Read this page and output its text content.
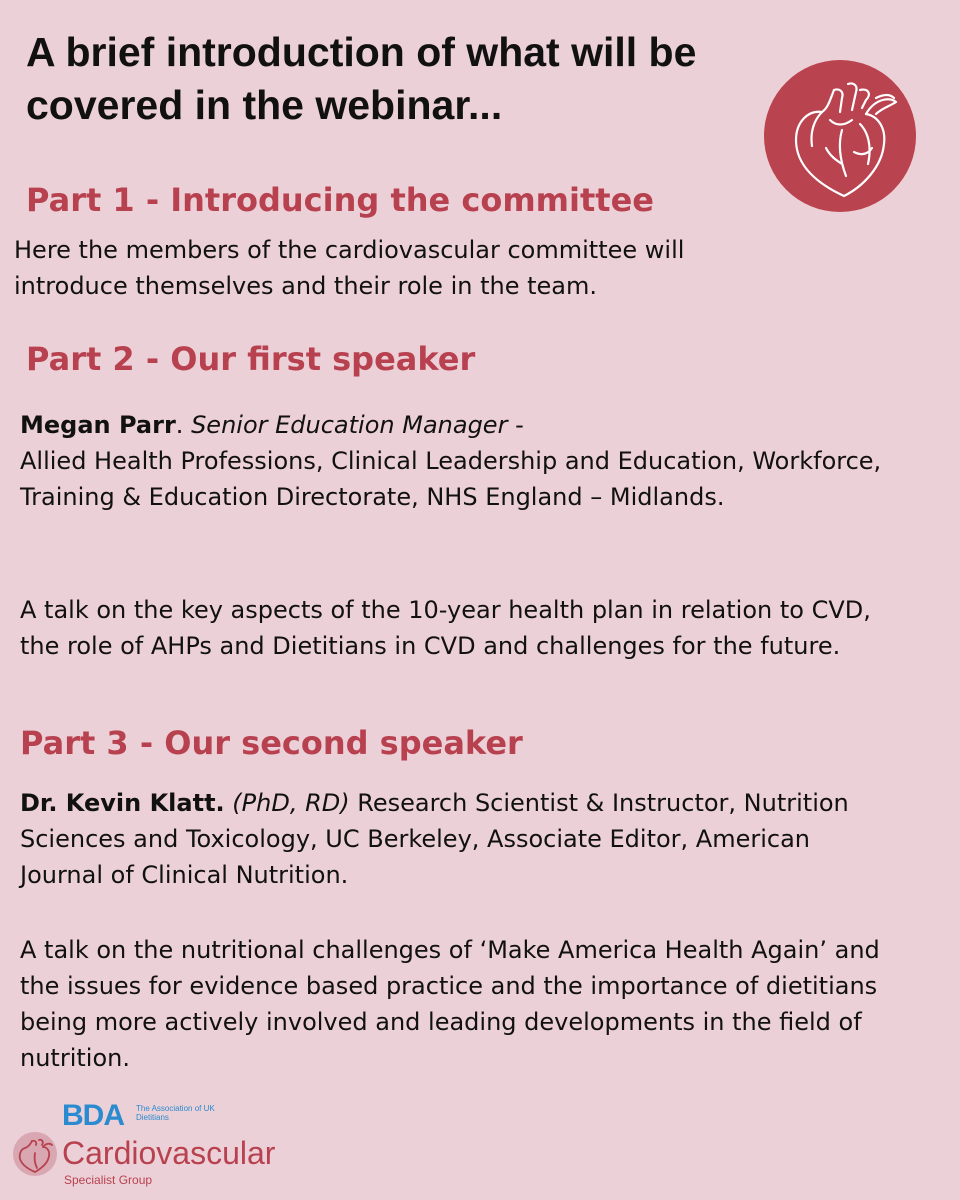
A brief introduction of what will be covered in the webinar...
Part 1 - Introducing the committee

Here the members of the cardiovascular committee will introduce themselves and their role in the team.

Part 2 - Our first speaker

Megan Parr. Senior Education Manager -
Allied Health Professions, Clinical Leadership and Education, Workforce, Training & Education Directorate, NHS England – Midlands.

A talk on the key aspects of the 10-year health plan in relation to CVD, the role of AHPs and Dietitians in CVD and challenges for the future.

Part 3 - Our second speaker

Dr. Kevin Klatt. (PhD, RD) Research Scientist & Instructor, Nutrition Sciences and Toxicology, UC Berkeley, Associate Editor, American Journal of Clinical Nutrition.

A talk on the nutritional challenges of ‘Make America Health Again’ and the issues for evidence based practice and the importance of dietitians being more actively involved and leading developments in the field of nutrition.

BDA The Association of UK Dietitians
Cardiovascular
Specialist Group
